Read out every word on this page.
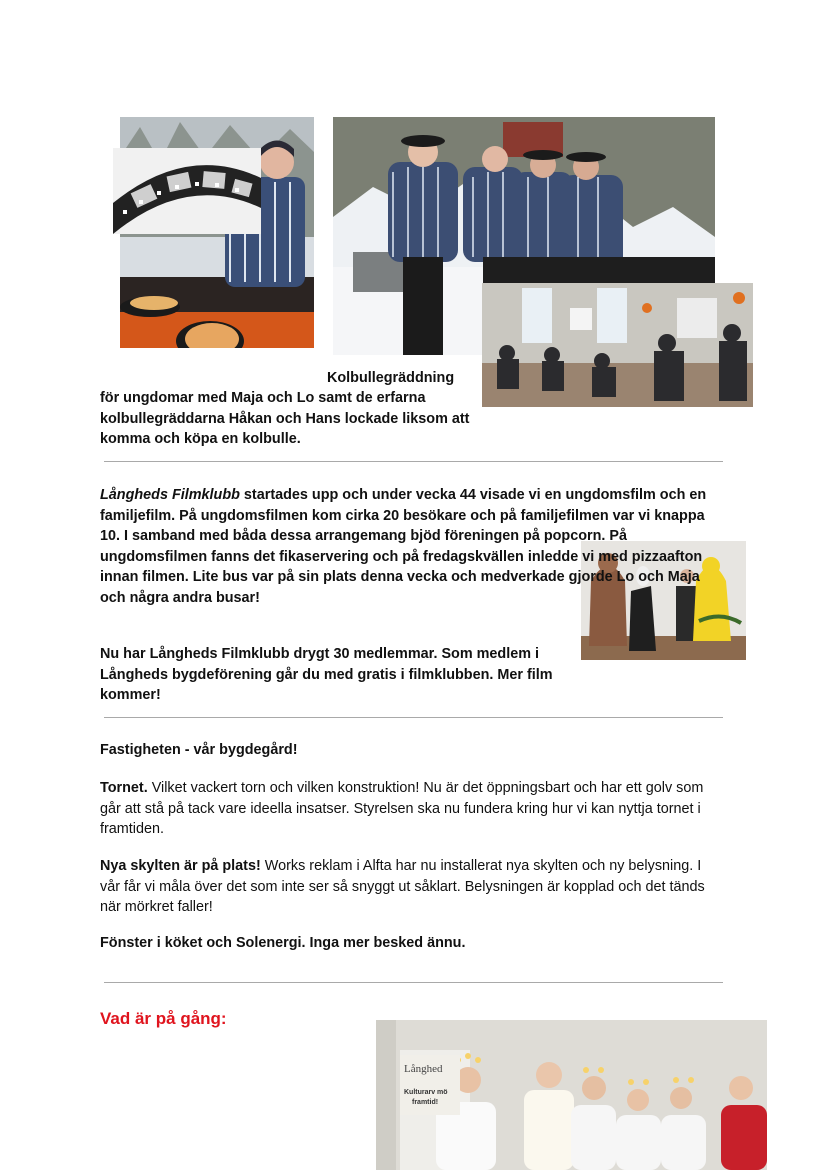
Kolbullegräddning
för ungdomar med Maja och Lo samt de erfarna kolbullegräddarna Håkan och Hans lockade liksom att komma och köpa en kolbulle.
Långheds Filmklubb startades upp och under vecka 44 visade vi en ungdomsfilm och en familjefilm. På ungdomsfilmen kom cirka 20 besökare och på familjefilmen var vi knappa 10. I samband med båda dessa arrangemang bjöd föreningen på popcorn. På ungdomsfilmen fanns det fikaservering och på fredagskvällen inledde vi med pizzaafton innan filmen. Lite bus var på sin plats denna vecka och medverkade gjorde Lo och Maja och några andra busar!
Nu har Långheds Filmklubb drygt 30 medlemmar. Som medlem i Långheds bygdeförening går du med gratis i filmklubben. Mer film kommer!
Fastigheten - vår bygdegård!
Tornet. Vilket vackert torn och vilken konstruktion! Nu är det öppningsbart och har ett golv som går att stå på tack vare ideella insatser. Styrelsen ska nu fundera kring hur vi kan nyttja tornet i framtiden.
Nya skylten är på plats! Works reklam i Alfta har nu installerat nya skylten och ny belysning. I vår får vi måla över det som inte ser så snyggt ut såklart. Belysningen är kopplad och det tänds när mörkret faller!
Fönster i köket och Solenergi. Inga mer besked ännu.
Vad är på gång:
Långhed
Kulturarv mö
framtid!
